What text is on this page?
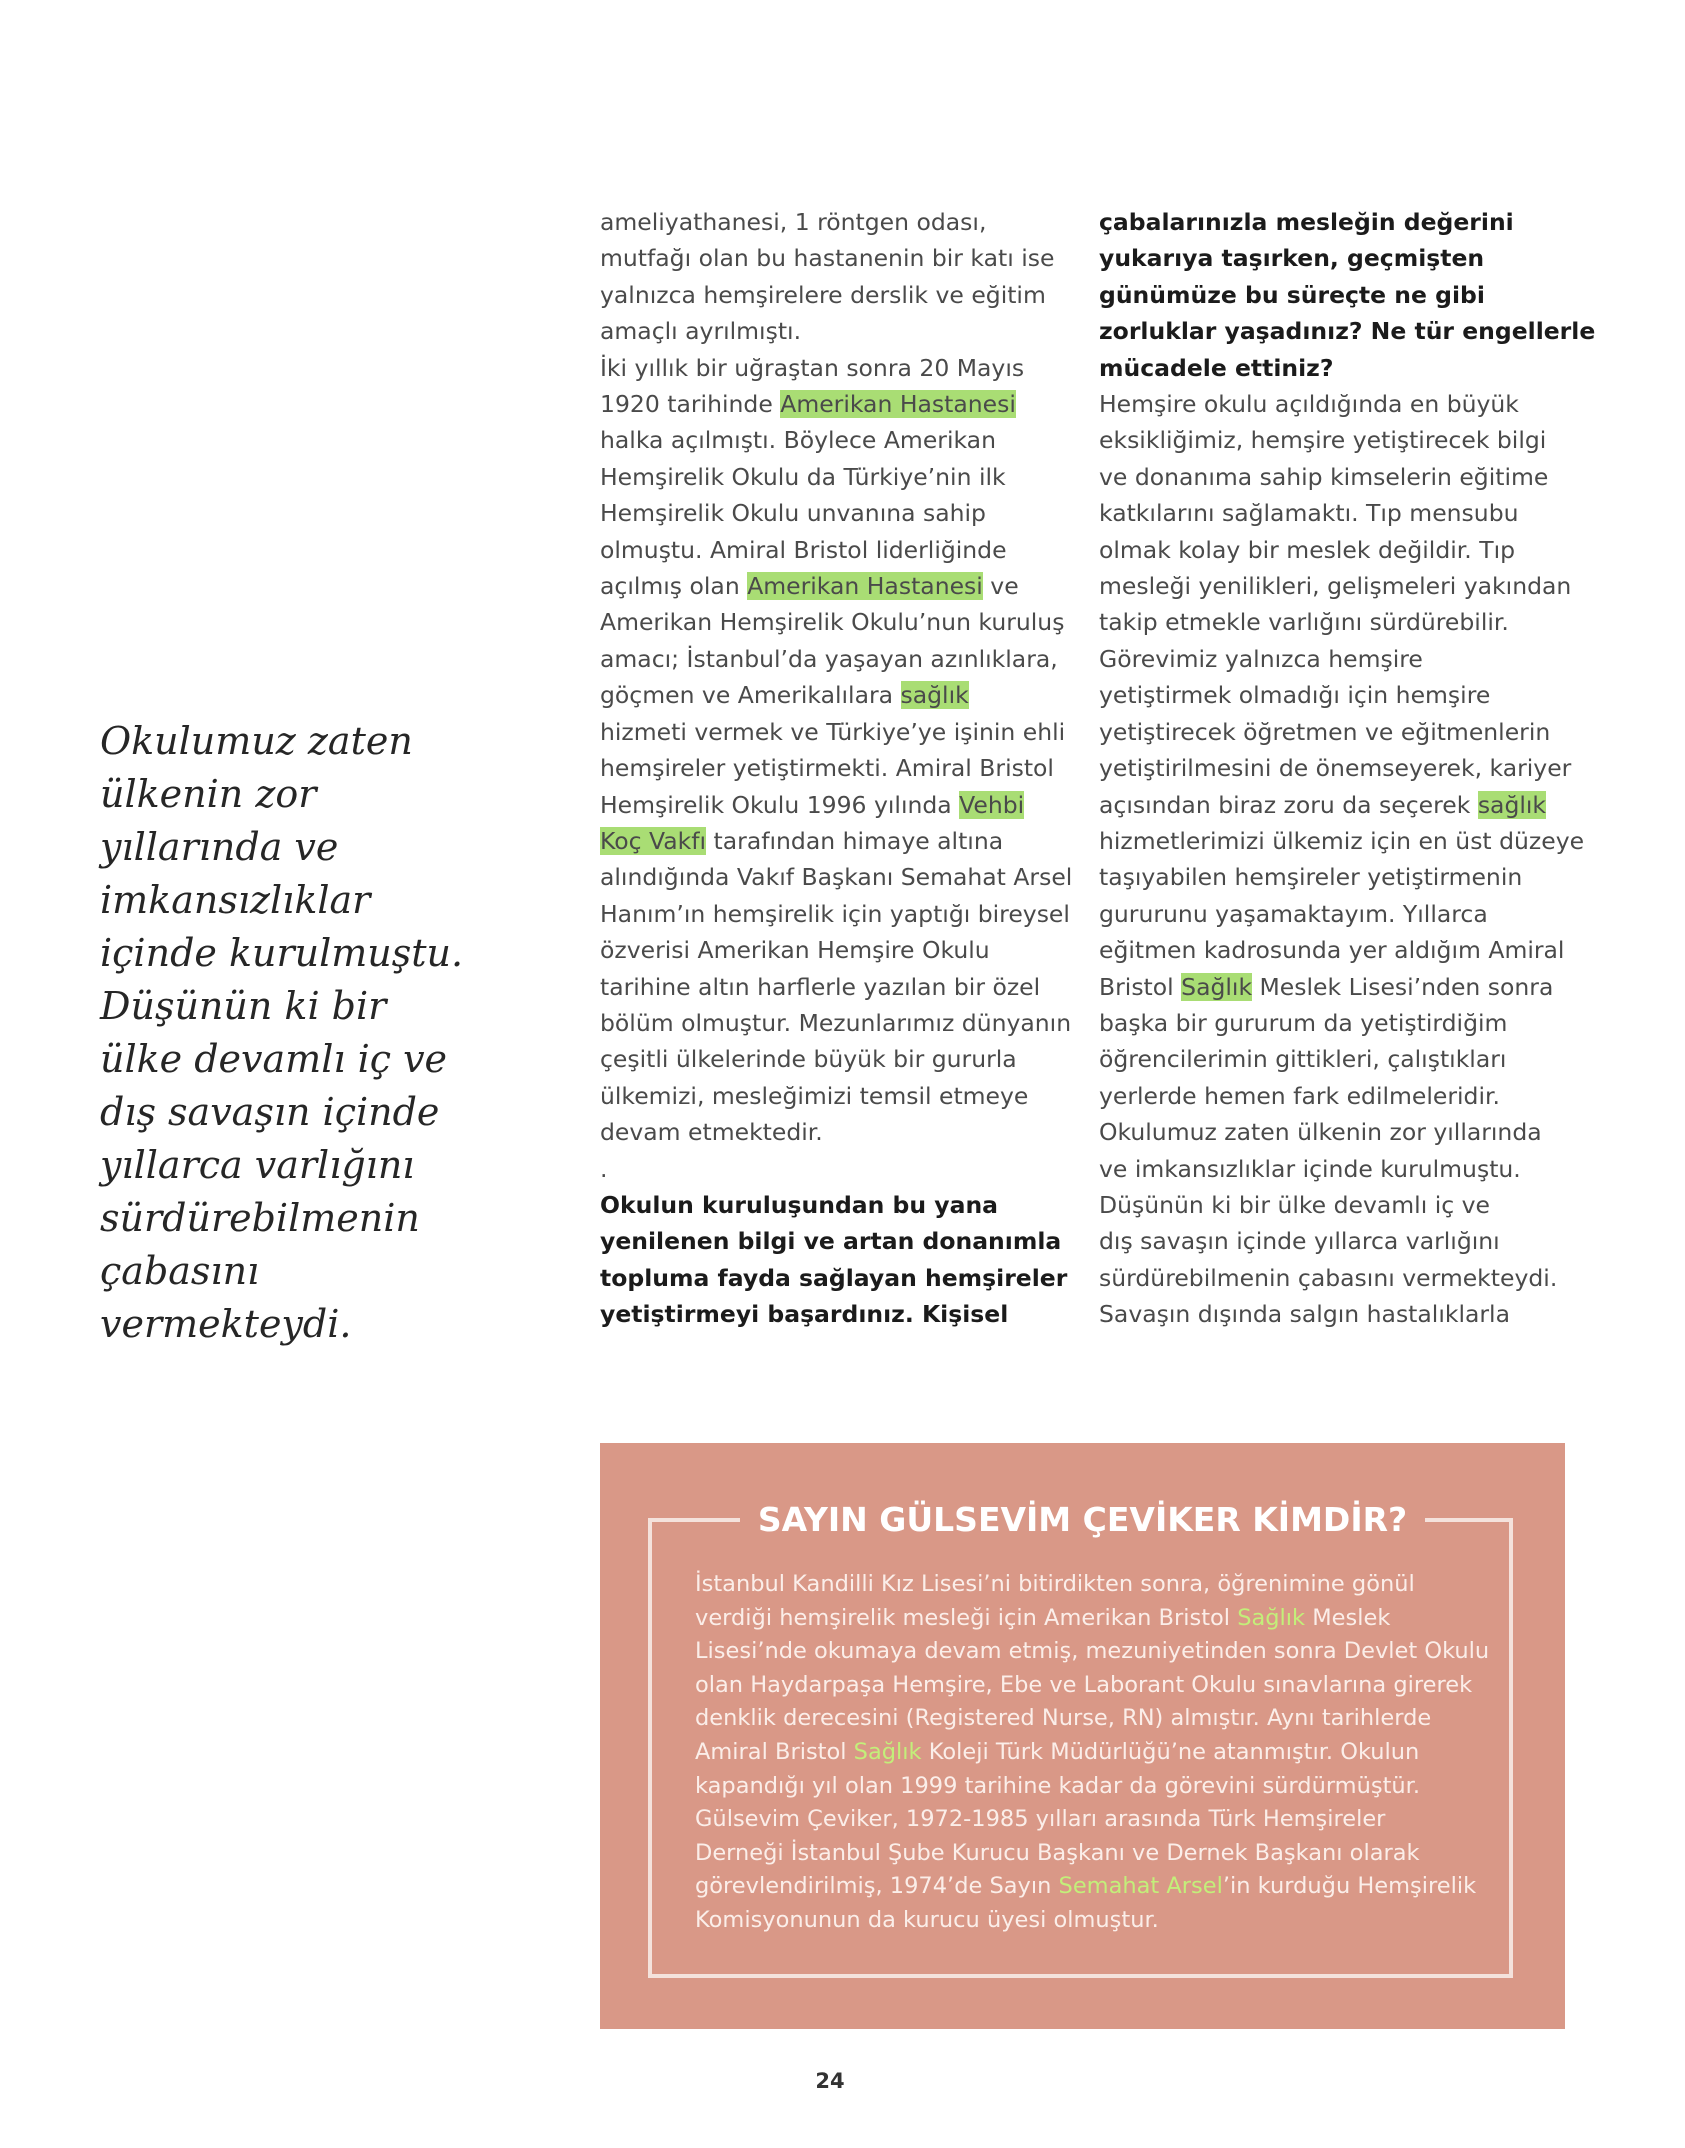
Okulumuz zaten
ülkenin zor
yıllarında ve
imkansızlıklar
içinde kurulmuştu.
Düşünün ki bir
ülke devamlı iç ve
dış savaşın içinde
yıllarca varlığını
sürdürebilmenin
çabasını
vermekteydi.
ameliyathanesi, 1 röntgen odası,
mutfağı olan bu hastanenin bir katı ise
yalnızca hemşirelere derslik ve eğitim
amaçlı ayrılmıştı.
İki yıllık bir uğraştan sonra 20 Mayıs
1920 tarihinde Amerikan Hastanesi
halka açılmıştı. Böylece Amerikan
Hemşirelik Okulu da Türkiye’nin ilk
Hemşirelik Okulu unvanına sahip
olmuştu. Amiral Bristol liderliğinde
açılmış olan Amerikan Hastanesi ve
Amerikan Hemşirelik Okulu’nun kuruluş
amacı; İstanbul’da yaşayan azınlıklara,
göçmen ve Amerikalılara sağlık
hizmeti vermek ve Türkiye’ye işinin ehli
hemşireler yetiştirmekti. Amiral Bristol
Hemşirelik Okulu 1996 yılında Vehbi
Koç Vakfı tarafından himaye altına
alındığında Vakıf Başkanı Semahat Arsel
Hanım’ın hemşirelik için yaptığı bireysel
özverisi Amerikan Hemşire Okulu
tarihine altın harflerle yazılan bir özel
bölüm olmuştur. Mezunlarımız dünyanın
çeşitli ülkelerinde büyük bir gururla
ülkemizi, mesleğimizi temsil etmeye
devam etmektedir.
.
Okulun kuruluşundan bu yana
yenilenen bilgi ve artan donanımla
topluma fayda sağlayan hemşireler
yetiştirmeyi başardınız. Kişisel
çabalarınızla mesleğin değerini
yukarıya taşırken, geçmişten
günümüze bu süreçte ne gibi
zorluklar yaşadınız? Ne tür engellerle
mücadele ettiniz?
Hemşire okulu açıldığında en büyük
eksikliğimiz, hemşire yetiştirecek bilgi
ve donanıma sahip kimselerin eğitime
katkılarını sağlamaktı. Tıp mensubu
olmak kolay bir meslek değildir. Tıp
mesleği yenilikleri, gelişmeleri yakından
takip etmekle varlığını sürdürebilir.
Görevimiz yalnızca hemşire
yetiştirmek olmadığı için hemşire
yetiştirecek öğretmen ve eğitmenlerin
yetiştirilmesini de önemseyerek, kariyer
açısından biraz zoru da seçerek sağlık
hizmetlerimizi ülkemiz için en üst düzeye
taşıyabilen hemşireler yetiştirmenin
gururunu yaşamaktayım. Yıllarca
eğitmen kadrosunda yer aldığım Amiral
Bristol Sağlık Meslek Lisesi’nden sonra
başka bir gururum da yetiştirdiğim
öğrencilerimin gittikleri, çalıştıkları
yerlerde hemen fark edilmeleridir.
Okulumuz zaten ülkenin zor yıllarında
ve imkansızlıklar içinde kurulmuştu.
Düşünün ki bir ülke devamlı iç ve
dış savaşın içinde yıllarca varlığını
sürdürebilmenin çabasını vermekteydi.
Savaşın dışında salgın hastalıklarla
SAYIN GÜLSEVİM ÇEVİKER KİMDİR?
İstanbul Kandilli Kız Lisesi’ni bitirdikten sonra, öğrenimine gönül
verdiği hemşirelik mesleği için Amerikan Bristol Sağlık Meslek
Lisesi’nde okumaya devam etmiş, mezuniyetinden sonra Devlet Okulu
olan Haydarpaşa Hemşire, Ebe ve Laborant Okulu sınavlarına girerek
denklik derecesini (Registered Nurse, RN) almıştır. Aynı tarihlerde
Amiral Bristol Sağlık Koleji Türk Müdürlüğü’ne atanmıştır. Okulun
kapandığı yıl olan 1999 tarihine kadar da görevini sürdürmüştür.
Gülsevim Çeviker, 1972-1985 yılları arasında Türk Hemşireler
Derneği İstanbul Şube Kurucu Başkanı ve Dernek Başkanı olarak
görevlendirilmiş, 1974’de Sayın Semahat Arsel’in kurduğu Hemşirelik
Komisyonunun da kurucu üyesi olmuştur.
24
